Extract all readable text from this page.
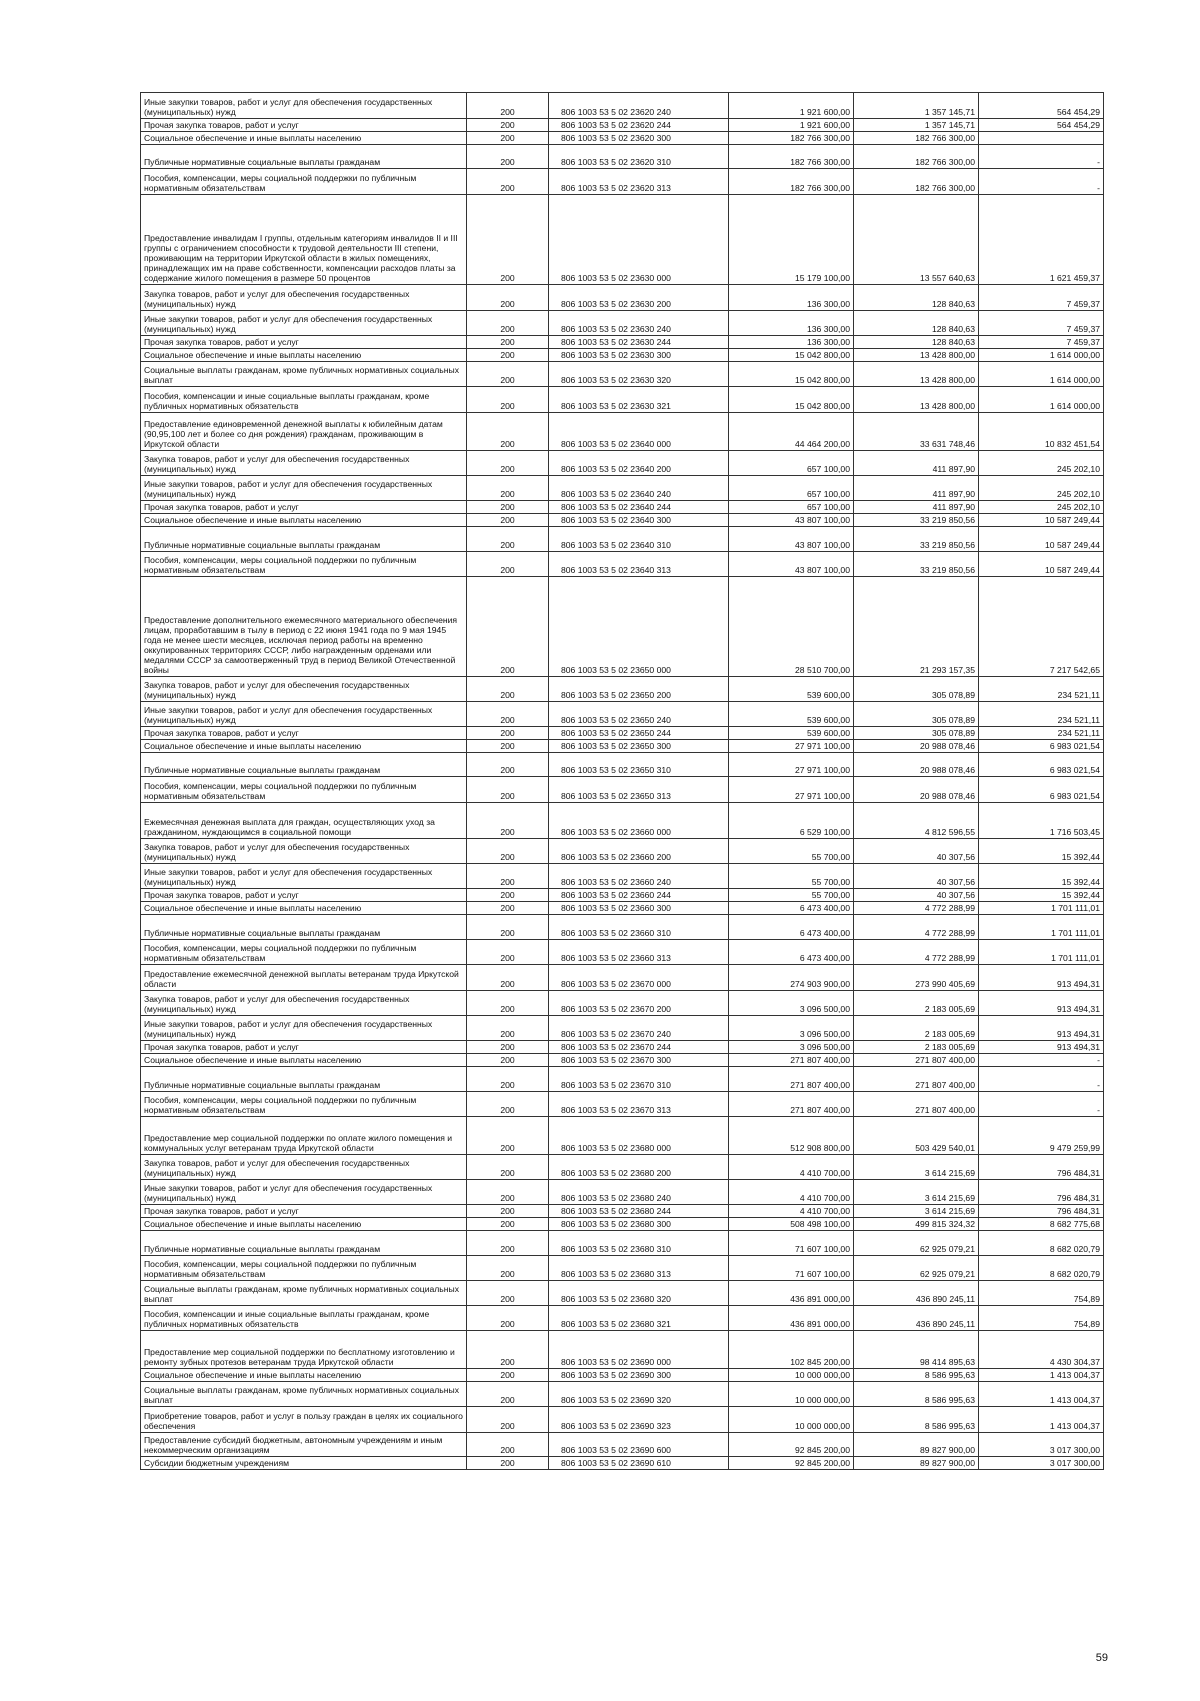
Иные закупки товаров, работ и услуг для обеспечения государственных (муниципальных) нужд	200	806 1003 53 5 02 23620 240	1 921 600,00	1 357 145,71	564 454,29
Прочая закупка товаров, работ и услуг	200	806 1003 53 5 02 23620 244	1 921 600,00	1 357 145,71	564 454,29
Социальное обеспечение и иные выплаты населению	200	806 1003 53 5 02 23620 300	182 766 300,00	182 766 300,00	
Публичные нормативные социальные выплаты гражданам	200	806 1003 53 5 02 23620 310	182 766 300,00	182 766 300,00	-
Пособия, компенсации, меры социальной поддержки по публичным нормативным обязательствам	200	806 1003 53 5 02 23620 313	182 766 300,00	182 766 300,00	-
Предоставление инвалидам I группы, отдельным категориям инвалидов II и III группы с ограничением способности к трудовой деятельности III степени, проживающим на территории Иркутской области в жилых помещениях, принадлежащих им на праве собственности, компенсации расходов платы за содержание жилого помещения в размере 50 процентов	200	806 1003 53 5 02 23630 000	15 179 100,00	13 557 640,63	1 621 459,37
Закупка товаров, работ и услуг для обеспечения государственных (муниципальных) нужд	200	806 1003 53 5 02 23630 200	136 300,00	128 840,63	7 459,37
Иные закупки товаров, работ и услуг для обеспечения государственных (муниципальных) нужд	200	806 1003 53 5 02 23630 240	136 300,00	128 840,63	7 459,37
Прочая закупка товаров, работ и услуг	200	806 1003 53 5 02 23630 244	136 300,00	128 840,63	7 459,37
Социальное обеспечение и иные выплаты населению	200	806 1003 53 5 02 23630 300	15 042 800,00	13 428 800,00	1 614 000,00
Социальные выплаты гражданам, кроме публичных нормативных социальных выплат	200	806 1003 53 5 02 23630 320	15 042 800,00	13 428 800,00	1 614 000,00
Пособия, компенсации и иные социальные выплаты гражданам, кроме публичных нормативных обязательств	200	806 1003 53 5 02 23630 321	15 042 800,00	13 428 800,00	1 614 000,00
Предоставление единовременной денежной выплаты к юбилейным датам (90,95,100 лет и более со дня рождения) гражданам, проживающим в Иркутской области	200	806 1003 53 5 02 23640 000	44 464 200,00	33 631 748,46	10 832 451,54
Закупка товаров, работ и услуг для обеспечения государственных (муниципальных) нужд	200	806 1003 53 5 02 23640 200	657 100,00	411 897,90	245 202,10
Иные закупки товаров, работ и услуг для обеспечения государственных (муниципальных) нужд	200	806 1003 53 5 02 23640 240	657 100,00	411 897,90	245 202,10
Прочая закупка товаров, работ и услуг	200	806 1003 53 5 02 23640 244	657 100,00	411 897,90	245 202,10
Социальное обеспечение и иные выплаты населению	200	806 1003 53 5 02 23640 300	43 807 100,00	33 219 850,56	10 587 249,44
Публичные нормативные социальные выплаты гражданам	200	806 1003 53 5 02 23640 310	43 807 100,00	33 219 850,56	10 587 249,44
Пособия, компенсации, меры социальной поддержки по публичным нормативным обязательствам	200	806 1003 53 5 02 23640 313	43 807 100,00	33 219 850,56	10 587 249,44
Предоставление дополнительного ежемесячного материального обеспечения лицам, проработавшим в тылу в период с 22 июня 1941 года по 9 мая 1945 года не менее шести месяцев, исключая период работы на временно оккупированных территориях СССР, либо награжденным орденами или медалями СССР за самоотверженный труд в период Великой Отечественной войны	200	806 1003 53 5 02 23650 000	28 510 700,00	21 293 157,35	7 217 542,65
Закупка товаров, работ и услуг для обеспечения государственных (муниципальных) нужд	200	806 1003 53 5 02 23650 200	539 600,00	305 078,89	234 521,11
Иные закупки товаров, работ и услуг для обеспечения государственных (муниципальных) нужд	200	806 1003 53 5 02 23650 240	539 600,00	305 078,89	234 521,11
Прочая закупка товаров, работ и услуг	200	806 1003 53 5 02 23650 244	539 600,00	305 078,89	234 521,11
Социальное обеспечение и иные выплаты населению	200	806 1003 53 5 02 23650 300	27 971 100,00	20 988 078,46	6 983 021,54
Публичные нормативные социальные выплаты гражданам	200	806 1003 53 5 02 23650 310	27 971 100,00	20 988 078,46	6 983 021,54
Пособия, компенсации, меры социальной поддержки по публичным нормативным обязательствам	200	806 1003 53 5 02 23650 313	27 971 100,00	20 988 078,46	6 983 021,54
Ежемесячная денежная выплата для граждан, осуществляющих уход за гражданином, нуждающимся в социальной помощи	200	806 1003 53 5 02 23660 000	6 529 100,00	4 812 596,55	1 716 503,45
Закупка товаров, работ и услуг для обеспечения государственных (муниципальных) нужд	200	806 1003 53 5 02 23660 200	55 700,00	40 307,56	15 392,44
Иные закупки товаров, работ и услуг для обеспечения государственных (муниципальных) нужд	200	806 1003 53 5 02 23660 240	55 700,00	40 307,56	15 392,44
Прочая закупка товаров, работ и услуг	200	806 1003 53 5 02 23660 244	55 700,00	40 307,56	15 392,44
Социальное обеспечение и иные выплаты населению	200	806 1003 53 5 02 23660 300	6 473 400,00	4 772 288,99	1 701 111,01
Публичные нормативные социальные выплаты гражданам	200	806 1003 53 5 02 23660 310	6 473 400,00	4 772 288,99	1 701 111,01
Пособия, компенсации, меры социальной поддержки по публичным нормативным обязательствам	200	806 1003 53 5 02 23660 313	6 473 400,00	4 772 288,99	1 701 111,01
Предоставление ежемесячной денежной выплаты ветеранам труда Иркутской области	200	806 1003 53 5 02 23670 000	274 903 900,00	273 990 405,69	913 494,31
Закупка товаров, работ и услуг для обеспечения государственных (муниципальных) нужд	200	806 1003 53 5 02 23670 200	3 096 500,00	2 183 005,69	913 494,31
Иные закупки товаров, работ и услуг для обеспечения государственных (муниципальных) нужд	200	806 1003 53 5 02 23670 240	3 096 500,00	2 183 005,69	913 494,31
Прочая закупка товаров, работ и услуг	200	806 1003 53 5 02 23670 244	3 096 500,00	2 183 005,69	913 494,31
Социальное обеспечение и иные выплаты населению	200	806 1003 53 5 02 23670 300	271 807 400,00	271 807 400,00	-
Публичные нормативные социальные выплаты гражданам	200	806 1003 53 5 02 23670 310	271 807 400,00	271 807 400,00	-
Пособия, компенсации, меры социальной поддержки по публичным нормативным обязательствам	200	806 1003 53 5 02 23670 313	271 807 400,00	271 807 400,00	-
Предоставление мер социальной поддержки по оплате жилого помещения и коммунальных услуг ветеранам труда Иркутской области	200	806 1003 53 5 02 23680 000	512 908 800,00	503 429 540,01	9 479 259,99
Закупка товаров, работ и услуг для обеспечения государственных (муниципальных) нужд	200	806 1003 53 5 02 23680 200	4 410 700,00	3 614 215,69	796 484,31
Иные закупки товаров, работ и услуг для обеспечения государственных (муниципальных) нужд	200	806 1003 53 5 02 23680 240	4 410 700,00	3 614 215,69	796 484,31
Прочая закупка товаров, работ и услуг	200	806 1003 53 5 02 23680 244	4 410 700,00	3 614 215,69	796 484,31
Социальное обеспечение и иные выплаты населению	200	806 1003 53 5 02 23680 300	508 498 100,00	499 815 324,32	8 682 775,68
Публичные нормативные социальные выплаты гражданам	200	806 1003 53 5 02 23680 310	71 607 100,00	62 925 079,21	8 682 020,79
Пособия, компенсации, меры социальной поддержки по публичным нормативным обязательствам	200	806 1003 53 5 02 23680 313	71 607 100,00	62 925 079,21	8 682 020,79
Социальные выплаты гражданам, кроме публичных нормативных социальных выплат	200	806 1003 53 5 02 23680 320	436 891 000,00	436 890 245,11	754,89
Пособия, компенсации и иные социальные выплаты гражданам, кроме публичных нормативных обязательств	200	806 1003 53 5 02 23680 321	436 891 000,00	436 890 245,11	754,89
Предоставление мер социальной поддержки по бесплатному изготовлению и ремонту зубных протезов ветеранам труда Иркутской области	200	806 1003 53 5 02 23690 000	102 845 200,00	98 414 895,63	4 430 304,37
Социальное обеспечение и иные выплаты населению	200	806 1003 53 5 02 23690 300	10 000 000,00	8 586 995,63	1 413 004,37
Социальные выплаты гражданам, кроме публичных нормативных социальных выплат	200	806 1003 53 5 02 23690 320	10 000 000,00	8 586 995,63	1 413 004,37
Приобретение товаров, работ и услуг в пользу граждан в целях их социального обеспечения	200	806 1003 53 5 02 23690 323	10 000 000,00	8 586 995,63	1 413 004,37
Предоставление субсидий бюджетным, автономным учреждениям и иным некоммерческим организациям	200	806 1003 53 5 02 23690 600	92 845 200,00	89 827 900,00	3 017 300,00
Субсидии бюджетным учреждениям	200	806 1003 53 5 02 23690 610	92 845 200,00	89 827 900,00	3 017 300,00
59
